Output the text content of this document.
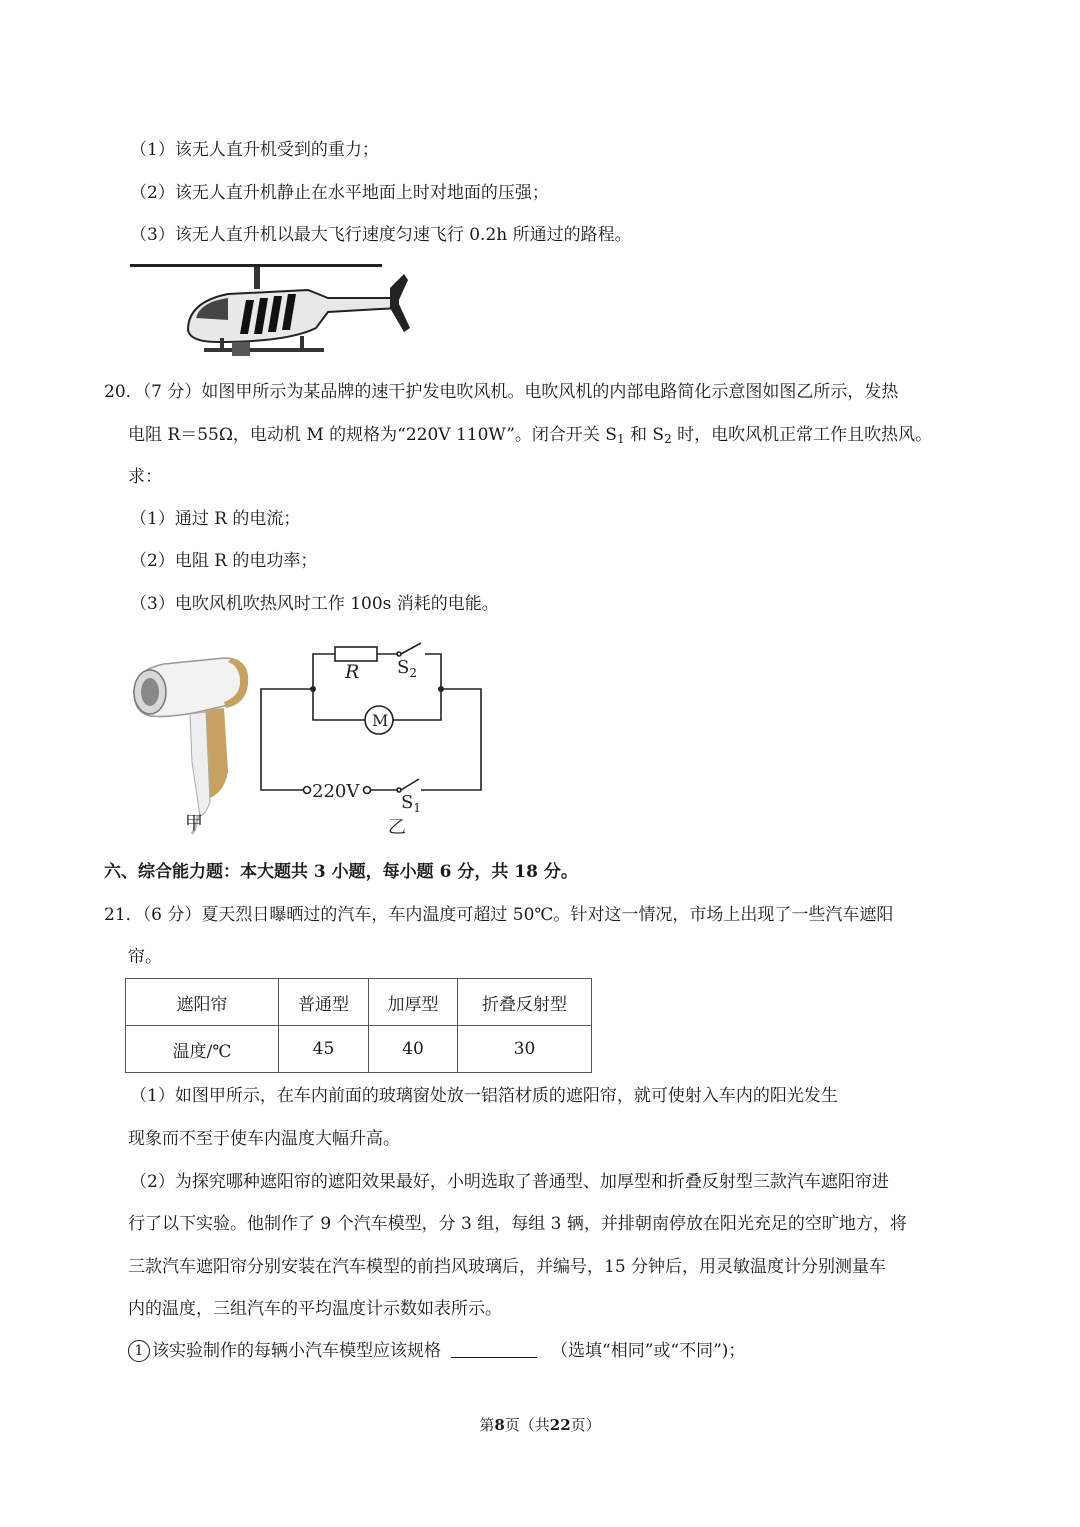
（1）该无人直升机受到的重力；
（2）该无人直升机静止在水平地面上时对地面的压强；
（3）该无人直升机以最大飞行速度匀速飞行 0.2h 所通过的路程。
20．（7 分）如图甲所示为某品牌的速干护发电吹风机。电吹风机的内部电路简化示意图如图乙所示，发热
电阻 R＝55Ω，电动机 M 的规格为“220V 110W”。闭合开关 $S_1$ 和 $S_2$ 时，电吹风机正常工作且吹热风。
求：
（1）通过 R 的电流；
（2）电阻 R 的电功率；
（3）电吹风机吹热风时工作 100s 消耗的电能。
甲
R $S_2$
M
220V
$S_1$
乙
六、综合能力题：本大题共 3 小题，每小题 6 分，共 18 分。
21．（6 分）夏天烈日曝晒过的汽车，车内温度可超过 50℃。针对这一情况，市场上出现了一些汽车遮阳
帘。
遮阳帘	普通型	加厚型	折叠反射型
温度/℃	45	40	30
（1）如图甲所示，在车内前面的玻璃窗处放一铝箔材质的遮阳帘，就可使射入车内的阳光发生
现象而不至于使车内温度大幅升高。
（2）为探究哪种遮阳帘的遮阳效果最好，小明选取了普通型、加厚型和折叠反射型三款汽车遮阳帘进
行了以下实验。他制作了 9 个汽车模型，分 3 组，每组 3 辆，并排朝南停放在阳光充足的空旷地方，将
三款汽车遮阳帘分别安装在汽车模型的前挡风玻璃后，并编号，15 分钟后，用灵敏温度计分别测量车
内的温度，三组汽车的平均温度计示数如表所示。
1 该实验制作的每辆小汽车模型应该规格	（选填“相同”或“不同”)；
第8页（共22页）
